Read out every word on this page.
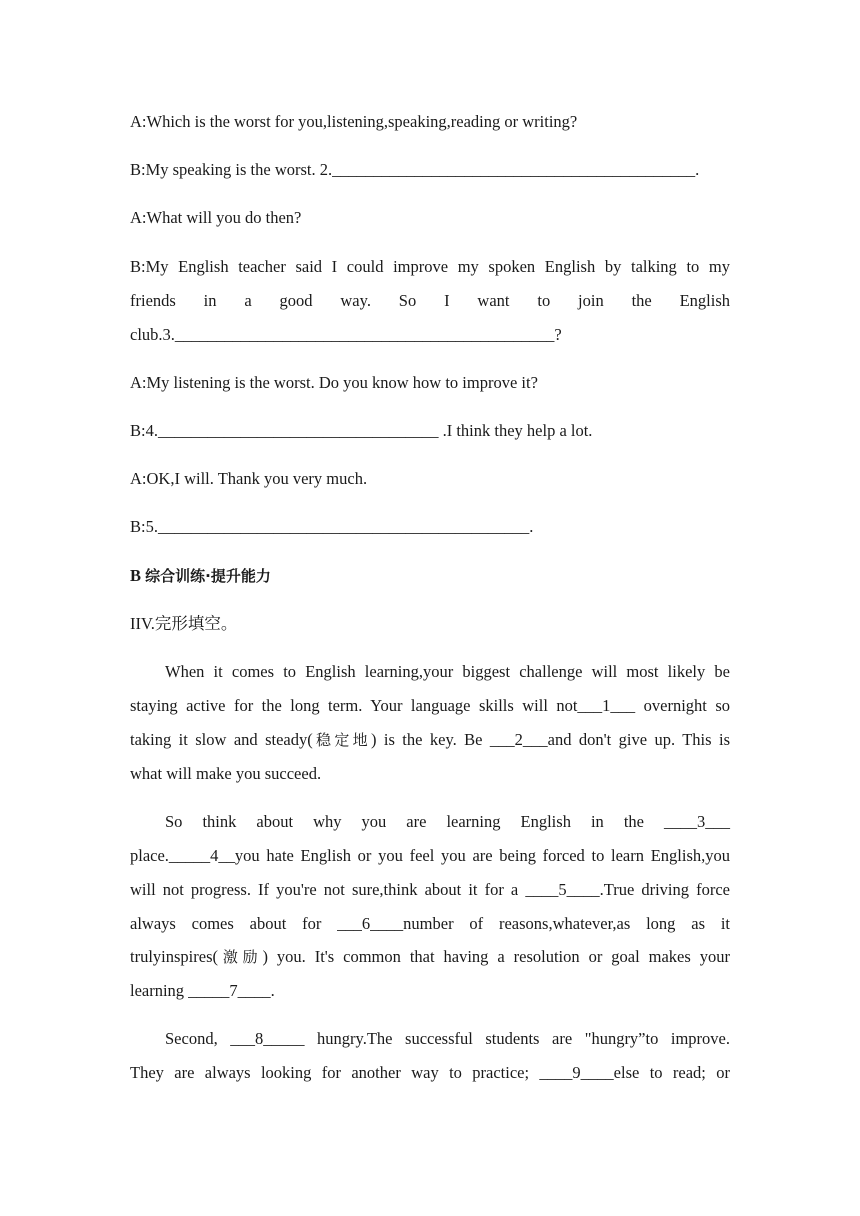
A:Which is the worst for you,listening,speaking,reading or writing?
B:My speaking is the worst. 2.____________________________________________.
A:What will you do then?
B:My English teacher said I could improve my spoken English by talking to my
friends in a good way. So I want to join the English
club.3.______________________________________________?
A:My listening is the worst. Do you know how to improve it?
B:4.__________________________________ .I think they help a lot.
A:OK,I will. Thank you very much.
B:5._____________________________________________.
B 综合训练·提升能力
IIV.完形填空。
When it comes to English learning,your biggest challenge will most likely be
staying active for the long term. Your language skills will not___1___ overnight so
taking it slow and steady(稳定地) is the key. Be ___2___and don't give up. This is
what will make you succeed.
So think about why you are learning English in the ____3___
place._____4__you hate English or you feel you are being forced to learn English,you
will not progress. If you're not sure,think about it for a ____5____.True driving force
always comes about for ___6____number of reasons,whatever,as long as it
trulyinspires(激励) you. It's common that having a resolution or goal makes your
learning _____7____.
Second, ___8_____ hungry.The successful students are "hungry”to improve.
They are always looking for another way to practice; ____9____else to read; or
